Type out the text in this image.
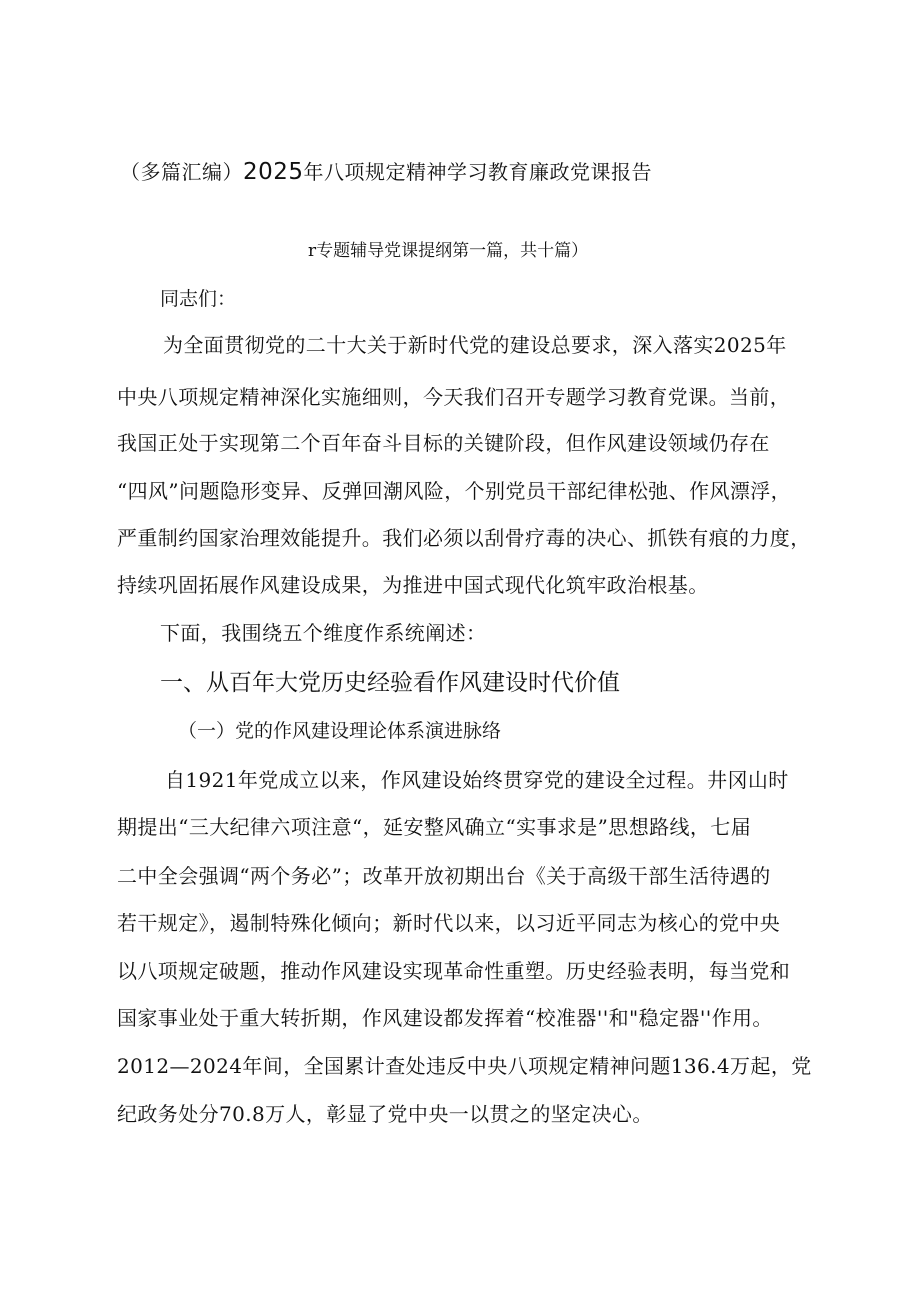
（多篇汇编）2025年八项规定精神学习教育廉政党课报告
r专题辅导党课提纲第一篇，共十篇）
同志们：
为全面贯彻党的二十大关于新时代党的建设总要求，深入落实2025年
中央八项规定精神深化实施细则，今天我们召开专题学习教育党课。当前，
我国正处于实现第二个百年奋斗目标的关键阶段，但作风建设领域仍存在
“四风”问题隐形变异、反弹回潮风险，个别党员干部纪律松弛、作风漂浮，
严重制约国家治理效能提升。我们必须以刮骨疗毒的决心、抓铁有痕的力度，
持续巩固拓展作风建设成果，为推进中国式现代化筑牢政治根基。
下面，我围绕五个维度作系统阐述：
一、从百年大党历史经验看作风建设时代价值
（一）党的作风建设理论体系演进脉络
自1921年党成立以来，作风建设始终贯穿党的建设全过程。井冈山时
期提出“三大纪律六项注意“，延安整风确立“实事求是”思想路线，七届
二中全会强调“两个务必”；改革开放初期出台《关于高级干部生活待遇的
若干规定》，遏制特殊化倾向；新时代以来，以习近平同志为核心的党中央
以八项规定破题，推动作风建设实现革命性重塑。历史经验表明，每当党和
国家事业处于重大转折期，作风建设都发挥着“校准器''和"稳定器''作用。
2012—2024年间，全国累计查处违反中央八项规定精神问题136.4万起，党
纪政务处分70.8万人，彰显了党中央一以贯之的坚定决心。
